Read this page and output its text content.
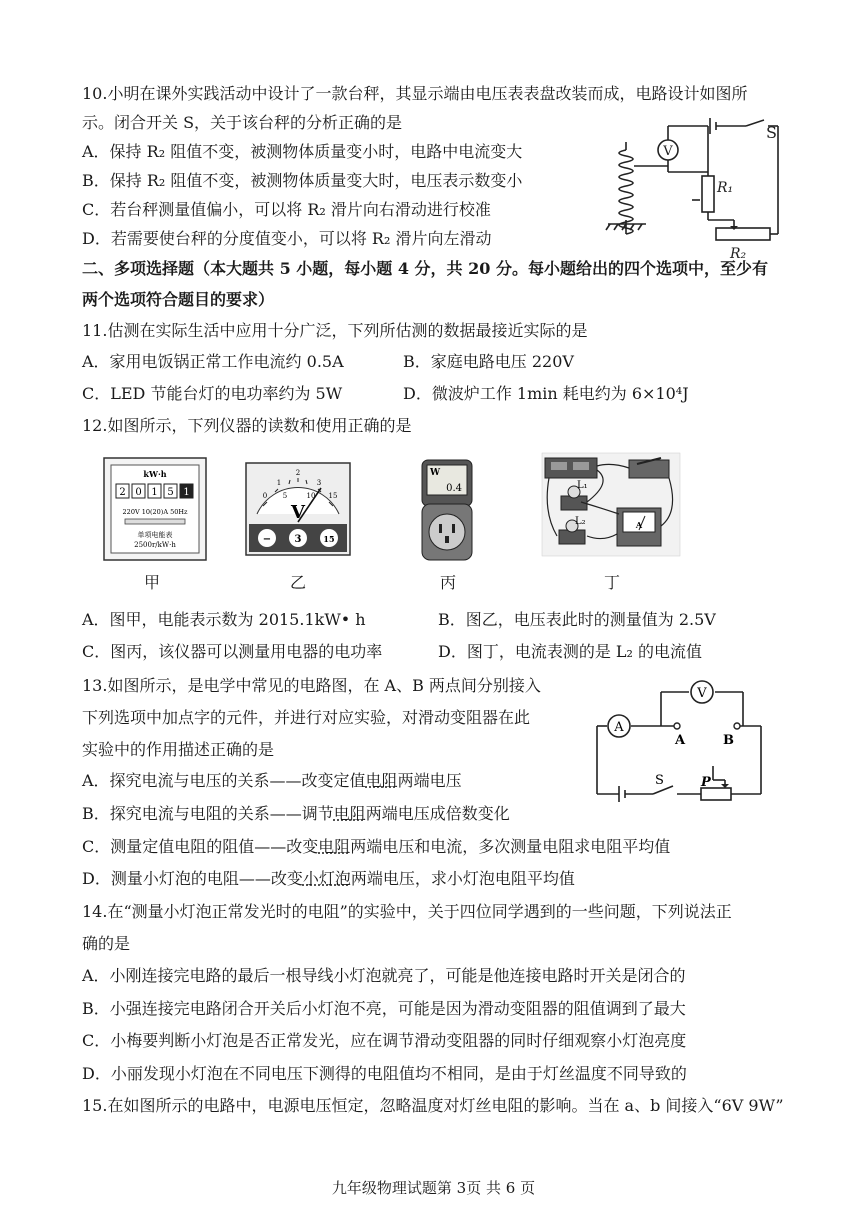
10.小明在课外实践活动中设计了一款台秤，其显示端由电压表表盘改装而成，电路设计如图所
示。闭合开关 S，关于该台秤的分析正确的是
A．保持 R₂ 阻值不变，被测物体质量变小时，电路中电流变大
B．保持 R₂ 阻值不变，被测物体质量变大时，电压表示数变小
C．若台秤测量值偏小，可以将 R₂ 滑片向右滑动进行校准
D．若需要使台秤的分度值变小，可以将 R₂ 滑片向左滑动
V
S
R₁
R₂
二、多项选择题（本大题共 5 小题，每小题 4 分，共 20 分。每小题给出的四个选项中，至少有
两个选项符合题目的要求）
11.估测在实际生活中应用十分广泛，下列所估测的数据最接近实际的是
A．家用电饭锅正常工作电流约 0.5A	B．家庭电路电压 220V
C．LED 节能台灯的电功率约为 5W	D．微波炉工作 1min 耗电约为 6×10⁴J
12.如图所示，下列仪器的读数和使用正确的是
kW·h
2 0 1 5 1
220V 10(20)A 50Hz
单项电能表
2500r/kW·h
0
1
2
3
5	10 15
V
− 3	15
W
0.4
A
L₁
L₂
甲	乙	丙	丁
A．图甲，电能表示数为 2015.1kW• h	B．图乙，电压表此时的测量值为 2.5V
C．图丙，该仪器可以测量用电器的电功率	D．图丁，电流表测的是 L₂ 的电流值
13.如图所示，是电学中常见的电路图，在 A、B 两点间分别接入
下列选项中加点字的元件，并进行对应实验，对滑动变阻器在此
实验中的作用描述正确的是
A．探究电流与电压的关系——改变定值电阻两端电压
B．探究电流与电阻的关系——调节电阻两端电压成倍数变化
C．测量定值电阻的阻值——改变电阻两端电压和电流，多次测量电阻求电阻平均值
D．测量小灯泡的电阻——改变小灯泡两端电压，求小灯泡电阻平均值
V
A
A	B
S	P
14.在“测量小灯泡正常发光时的电阻”的实验中，关于四位同学遇到的一些问题，下列说法正
确的是
A．小刚连接完电路的最后一根导线小灯泡就亮了，可能是他连接电路时开关是闭合的
B．小强连接完电路闭合开关后小灯泡不亮，可能是因为滑动变阻器的阻值调到了最大
C．小梅要判断小灯泡是否正常发光，应在调节滑动变阻器的同时仔细观察小灯泡亮度
D．小丽发现小灯泡在不同电压下测得的电阻值均不相同，是由于灯丝温度不同导致的
15.在如图所示的电路中，电源电压恒定，忽略温度对灯丝电阻的影响。当在 a、b 间接入“6V 9W”
九年级物理试题第 3页 共 6 页
